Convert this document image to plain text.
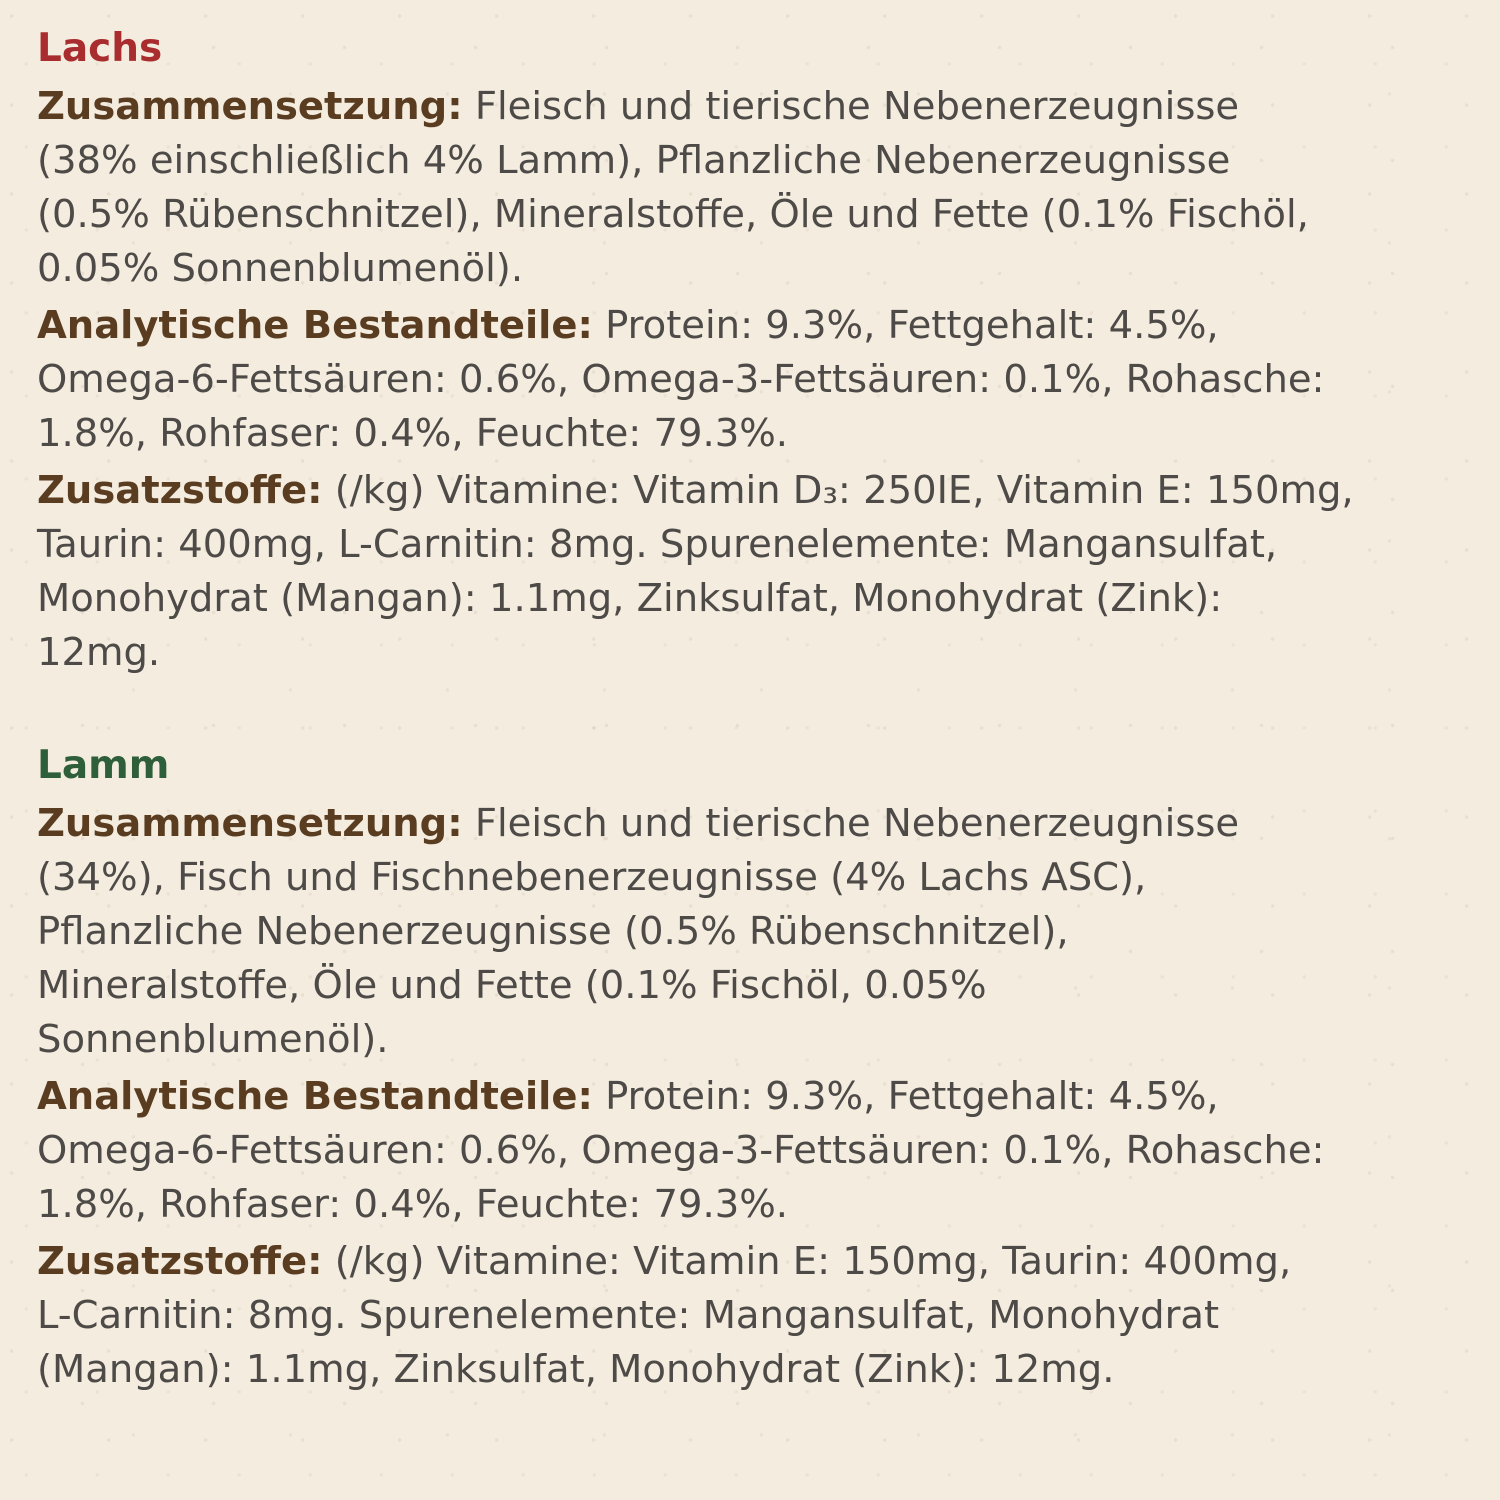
Lachs
Zusammensetzung: Fleisch und tierische Nebenerzeugnisse
(38% einschließlich 4% Lamm), Pflanzliche Nebenerzeugnisse
(0.5% Rübenschnitzel), Mineralstoffe, Öle und Fette (0.1% Fischöl,
0.05% Sonnenblumenöl).
Analytische Bestandteile: Protein: 9.3%, Fettgehalt: 4.5%,
Omega-6-Fettsäuren: 0.6%, Omega-3-Fettsäuren: 0.1%, Rohasche:
1.8%, Rohfaser: 0.4%, Feuchte: 79.3%.
Zusatzstoffe: (/kg) Vitamine: Vitamin D₃: 250IE, Vitamin E: 150mg,
Taurin: 400mg, L-Carnitin: 8mg. Spurenelemente: Mangansulfat,
Monohydrat (Mangan): 1.1mg, Zinksulfat, Monohydrat (Zink):
12mg.
Lamm
Zusammensetzung: Fleisch und tierische Nebenerzeugnisse
(34%), Fisch und Fischnebenerzeugnisse (4% Lachs ASC),
Pflanzliche Nebenerzeugnisse (0.5% Rübenschnitzel),
Mineralstoffe, Öle und Fette (0.1% Fischöl, 0.05%
Sonnenblumenöl).
Analytische Bestandteile: Protein: 9.3%, Fettgehalt: 4.5%,
Omega-6-Fettsäuren: 0.6%, Omega-3-Fettsäuren: 0.1%, Rohasche:
1.8%, Rohfaser: 0.4%, Feuchte: 79.3%.
Zusatzstoffe: (/kg) Vitamine: Vitamin E: 150mg, Taurin: 400mg,
L-Carnitin: 8mg. Spurenelemente: Mangansulfat, Monohydrat
(Mangan): 1.1mg, Zinksulfat, Monohydrat (Zink): 12mg.
